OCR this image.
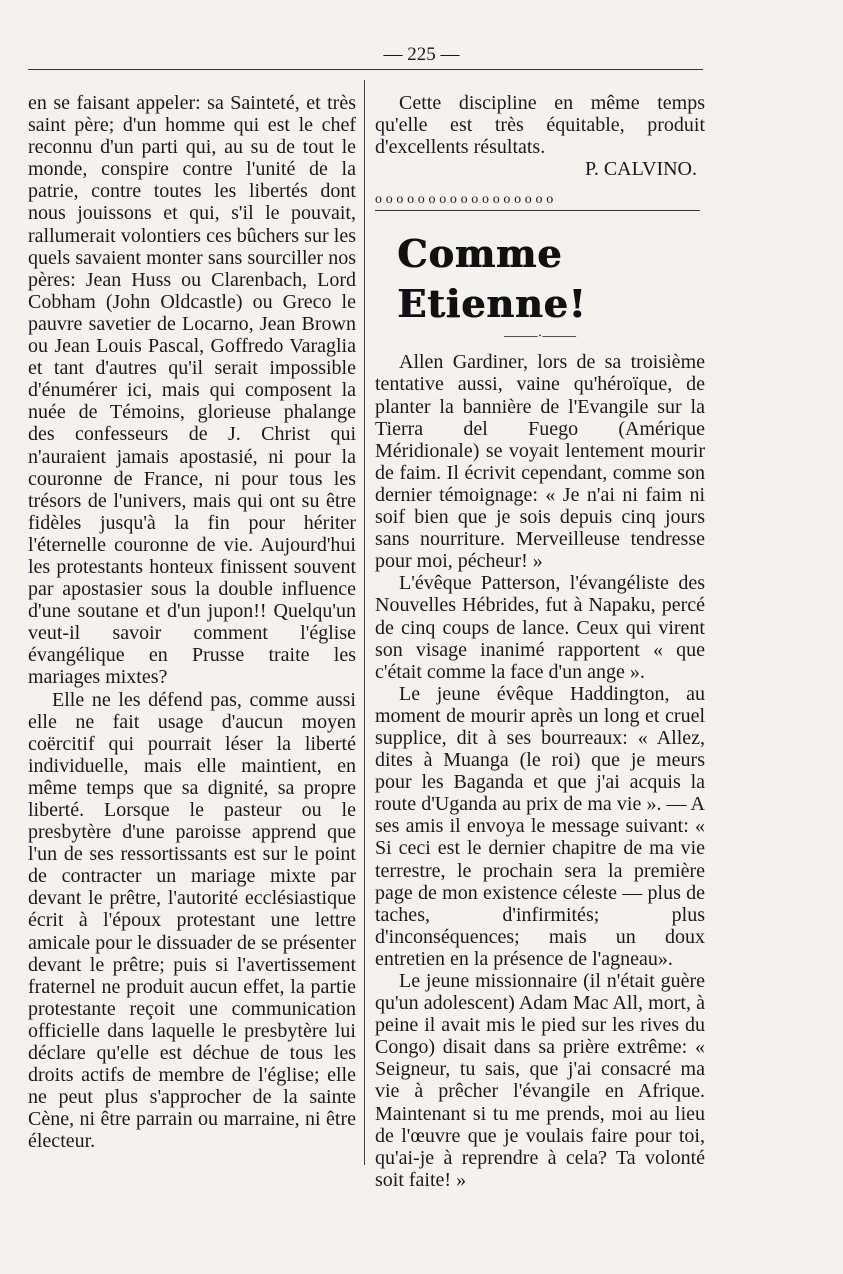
— 225 —

en se faisant appeler: sa Sainteté, et très saint père; d'un homme qui est le chef reconnu d'un parti qui, au su de tout le monde, conspire contre l'unité de la patrie, contre toutes les libertés dont nous jouissons et qui, s'il le pouvait, rallumerait volontiers ces bûchers sur les quels savaient monter sans sourciller nos pères: Jean Huss ou Clarenbach, Lord Cobham (John Oldcastle) ou Greco le pauvre savetier de Locarno, Jean Brown ou Jean Louis Pascal, Goffredo Varaglia et tant d'autres qu'il serait impossible d'énumérer ici, mais qui composent la nuée de Témoins, glorieuse phalange des confesseurs de J. Christ qui n'auraient jamais apostasié, ni pour la couronne de France, ni pour tous les trésors de l'univers, mais qui ont su être fidèles jusqu'à la fin pour hériter l'éternelle couronne de vie. Aujourd'hui les protestants honteux finissent souvent par apostasier sous la double influence d'une soutane et d'un jupon!! Quelqu'un veut-il savoir comment l'église évangélique en Prusse traite les mariages mixtes?

Elle ne les défend pas, comme aussi elle ne fait usage d'aucun moyen coërcitif qui pourrait léser la liberté individuelle, mais elle maintient, en même temps que sa dignité, sa propre liberté. Lorsque le pasteur ou le presbytère d'une paroisse apprend que l'un de ses ressortissants est sur le point de contracter un mariage mixte par devant le prêtre, l'autorité ecclésiastique écrit à l'époux protestant une lettre amicale pour le dissuader de se présenter devant le prêtre; puis si l'avertissement fraternel ne produit aucun effet, la partie protestante reçoit une communication officielle dans laquelle le presbytère lui déclare qu'elle est déchue de tous les droits actifs de membre de l'église; elle ne peut plus s'approcher de la sainte Cène, ni être parrain ou marraine, ni être électeur.

Cette discipline en même temps qu'elle est très équitable, produit d'excellents résultats.

P. CALVINO.

ooooooooooooooooo
Comme Etienne!
⸻∙⸻

Allen Gardiner, lors de sa troisième tentative aussi, vaine qu'héroïque, de planter la bannière de l'Evangile sur la Tierra del Fuego (Amérique Méridionale) se voyait lentement mourir de faim. Il écrivit cependant, comme son dernier témoignage: « Je n'ai ni faim ni soif bien que je sois depuis cinq jours sans nourriture. Merveilleuse tendresse pour moi, pécheur! »

L'évêque Patterson, l'évangéliste des Nouvelles Hébrides, fut à Napaku, percé de cinq coups de lance. Ceux qui virent son visage inanimé rapportent « que c'était comme la face d'un ange ».

Le jeune évêque Haddington, au moment de mourir après un long et cruel supplice, dit à ses bourreaux: « Allez, dites à Muanga (le roi) que je meurs pour les Baganda et que j'ai acquis la route d'Uganda au prix de ma vie ». — A ses amis il envoya le message suivant: « Si ceci est le dernier chapitre de ma vie terrestre, le prochain sera la première page de mon existence céleste — plus de taches, d'infirmités; plus d'inconséquences; mais un doux entretien en la présence de l'agneau».

Le jeune missionnaire (il n'était guère qu'un adolescent) Adam Mac All, mort, à peine il avait mis le pied sur les rives du Congo) disait dans sa prière extrême: « Seigneur, tu sais, que j'ai consacré ma vie à prêcher l'évangile en Afrique. Maintenant si tu me prends, moi au lieu de l'œuvre que je voulais faire pour toi, qu'ai-je à reprendre à cela? Ta volonté soit faite! »
